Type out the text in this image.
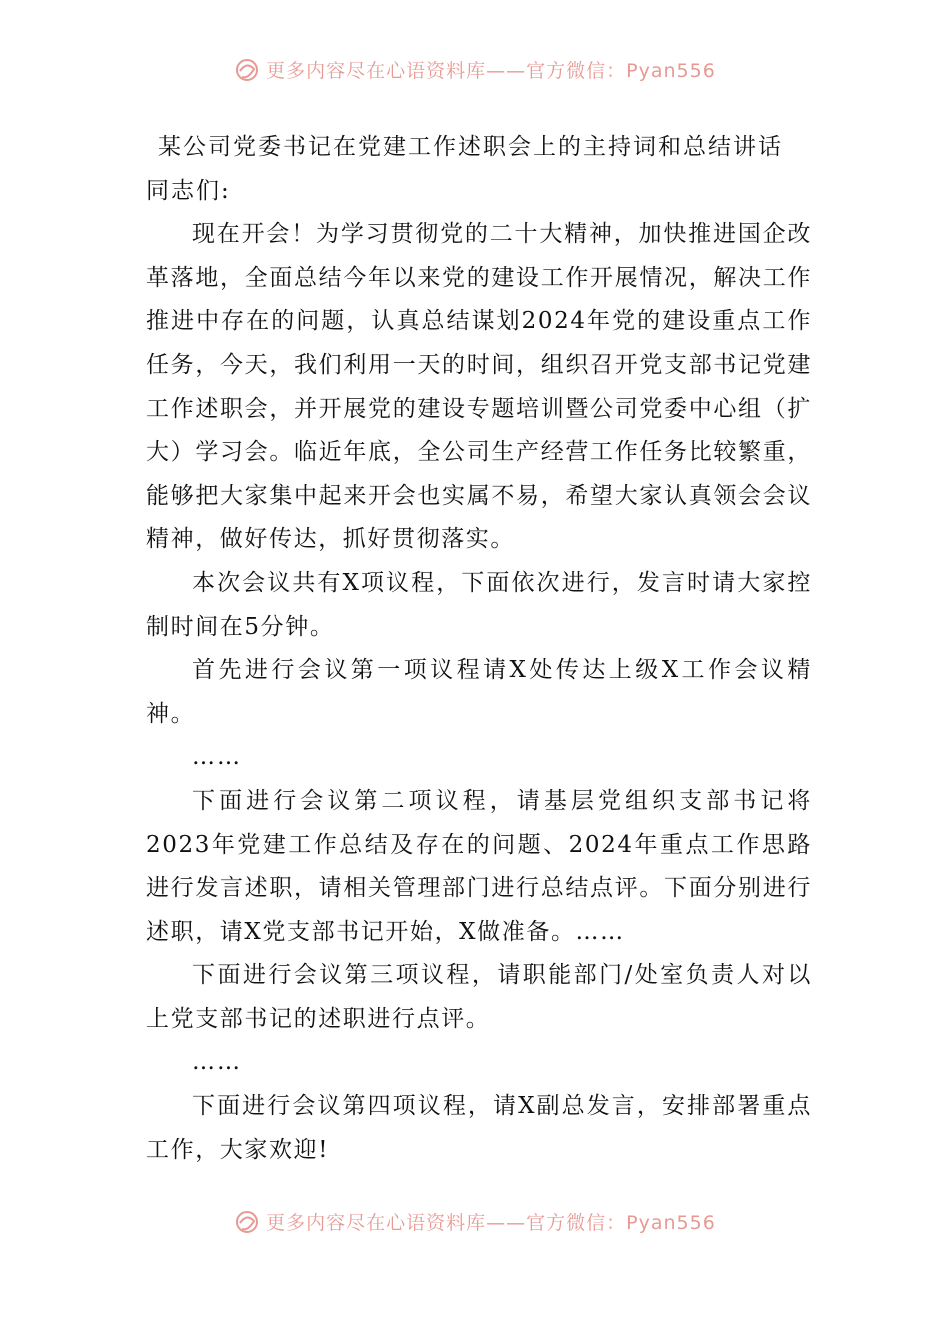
更多内容尽在心语资料库——官方微信：Pyan556

某公司党委书记在党建工作述职会上的主持词和总结讲话

同志们:

现在开会！为学习贯彻党的二十大精神，加快推进国企改革落地，全面总结今年以来党的建设工作开展情况，解决工作推进中存在的问题，认真总结谋划2024年党的建设重点工作任务，今天，我们利用一天的时间，组织召开党支部书记党建工作述职会，并开展党的建设专题培训暨公司党委中心组（扩大）学习会。临近年底，全公司生产经营工作任务比较繁重，能够把大家集中起来开会也实属不易，希望大家认真领会会议精神，做好传达，抓好贯彻落实。

本次会议共有X项议程，下面依次进行，发言时请大家控制时间在5分钟。

首先进行会议第一项议程请X处传达上级X工作会议精神。

……

下面进行会议第二项议程，请基层党组织支部书记将2023年党建工作总结及存在的问题、2024年重点工作思路进行发言述职，请相关管理部门进行总结点评。下面分别进行述职，请X党支部书记开始，X做准备。……

下面进行会议第三项议程，请职能部门/处室负责人对以上党支部书记的述职进行点评。

……

下面进行会议第四项议程，请X副总发言，安排部署重点工作，大家欢迎!

更多内容尽在心语资料库——官方微信：Pyan556
